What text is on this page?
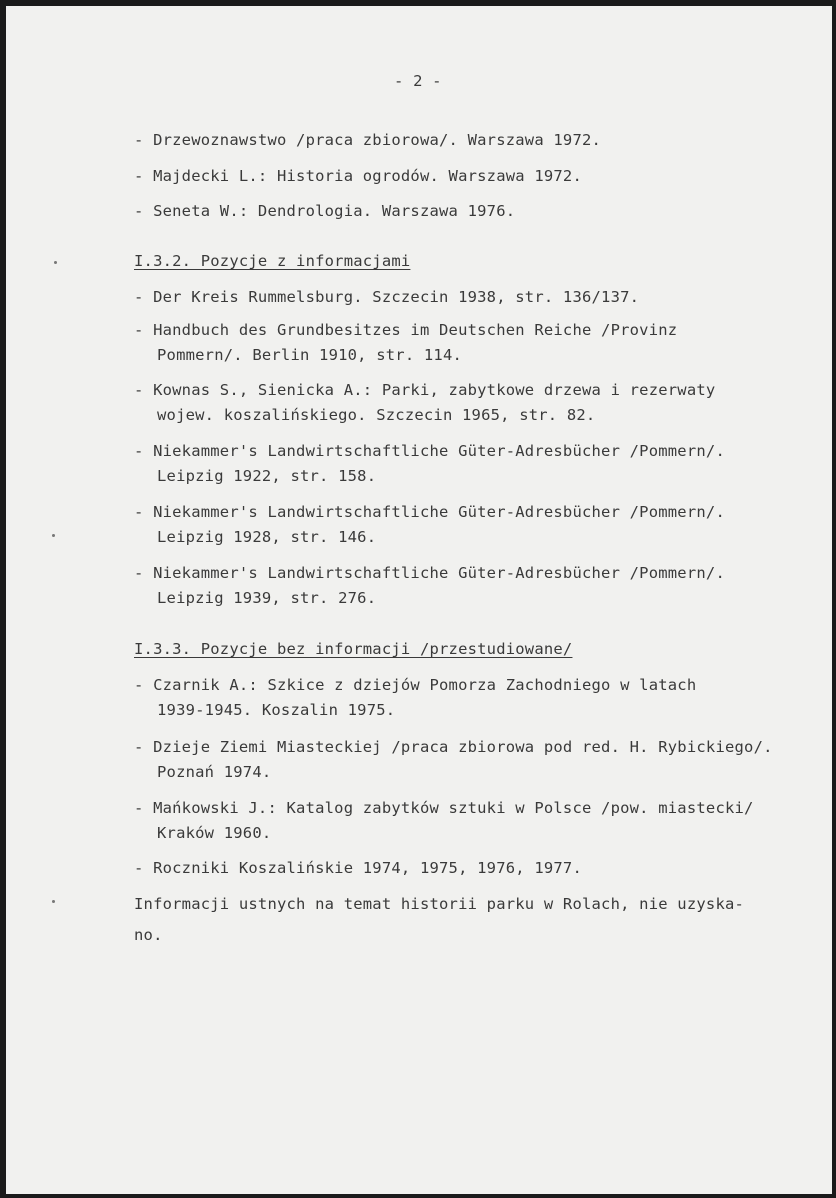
- 2 -
- Drzewoznawstwo /praca zbiorowa/. Warszawa 1972.
- Majdecki L.: Historia ogrodów. Warszawa 1972.
- Seneta W.: Dendrologia. Warszawa 1976.
I.3.2. Pozycje z informacjami
- Der Kreis Rummelsburg. Szczecin 1938, str. 136/137.
- Handbuch des Grundbesitzes im Deutschen Reiche /Provinz
Pommern/. Berlin 1910, str. 114.
- Kownas S., Sienicka A.: Parki, zabytkowe drzewa i rezerwaty
wojew. koszalińskiego. Szczecin 1965, str. 82.
- Niekammer's Landwirtschaftliche Güter-Adresbücher /Pommern/.
Leipzig 1922, str. 158.
- Niekammer's Landwirtschaftliche Güter-Adresbücher /Pommern/.
Leipzig 1928, str. 146.
- Niekammer's Landwirtschaftliche Güter-Adresbücher /Pommern/.
Leipzig 1939, str. 276.
I.3.3. Pozycje bez informacji /przestudiowane/
- Czarnik A.: Szkice z dziejów Pomorza Zachodniego w latach
1939-1945. Koszalin 1975.
- Dzieje Ziemi Miasteckiej /praca zbiorowa pod red. H. Rybickiego/.
Poznań 1974.
- Mańkowski J.: Katalog zabytków sztuki w Polsce /pow. miastecki/
Kraków 1960.
- Roczniki Koszalińskie 1974, 1975, 1976, 1977.
Informacji ustnych na temat historii parku w Rolach, nie uzyska-
no.
